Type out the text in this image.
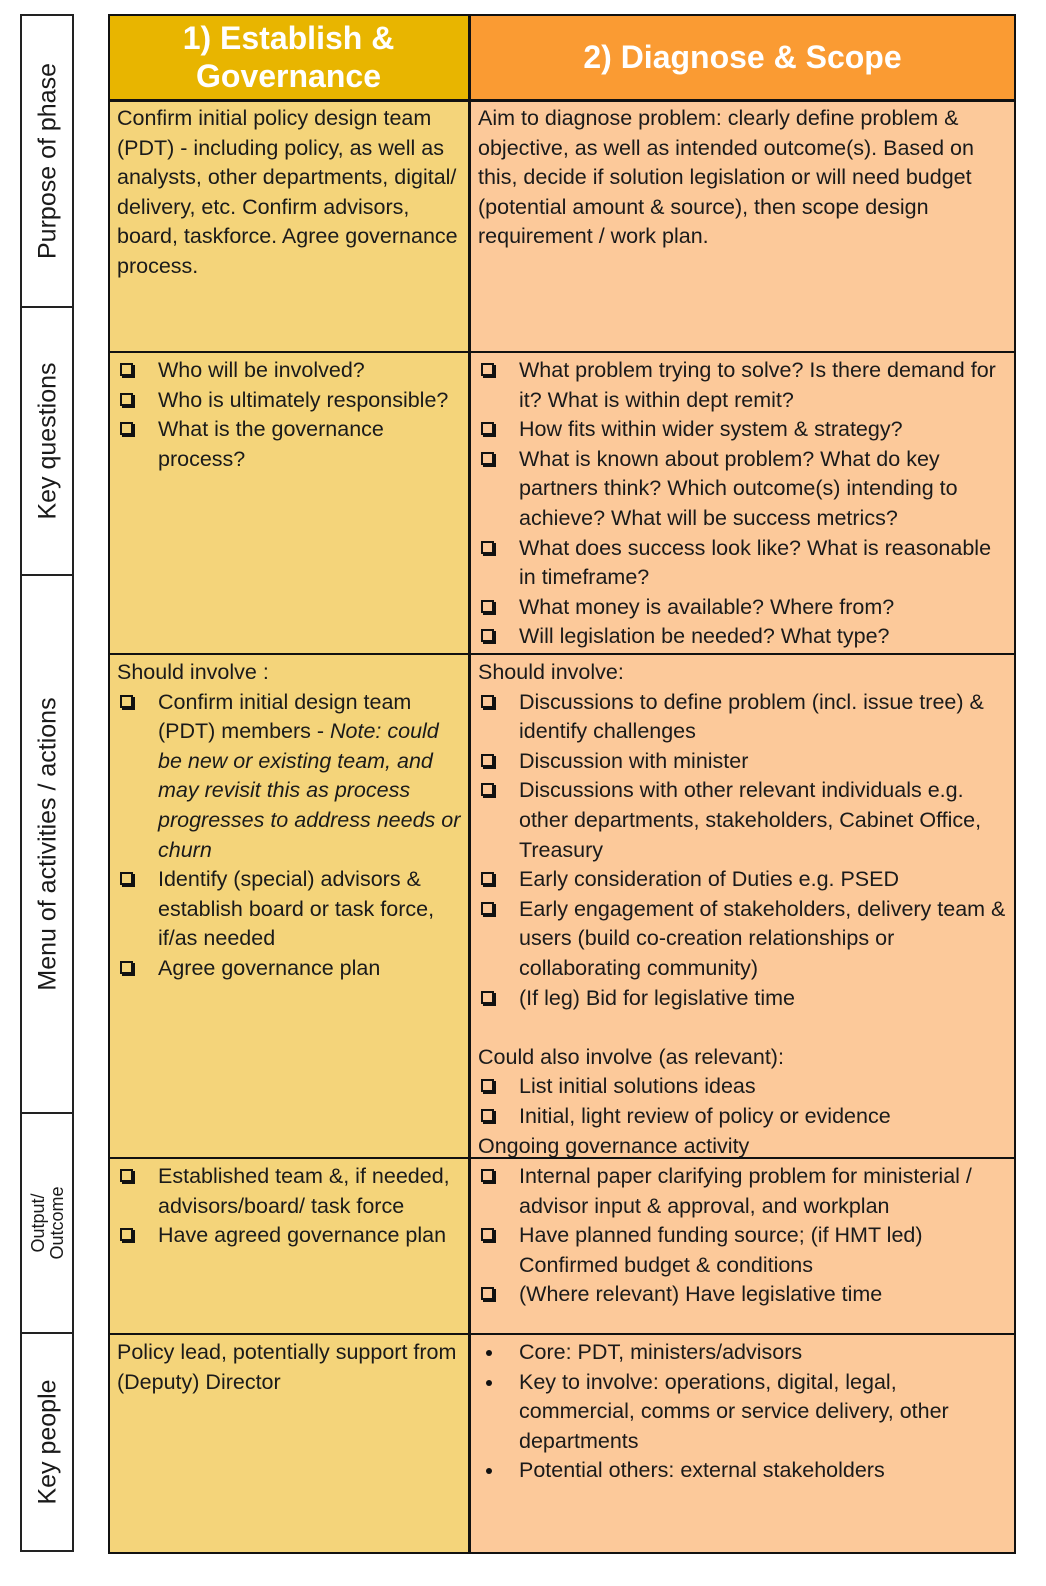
Purpose of phase
Key questions
Menu of activities / actions
Output/ Outcome
Key people
1) Establish &
Governance
2) Diagnose & Scope
Confirm initial policy design team (PDT) - including policy, as well as analysts, other departments, digital/ delivery, etc. Confirm advisors, board, taskforce. Agree governance process.
Aim to diagnose problem: clearly define problem & objective, as well as intended outcome(s). Based on this, decide if solution legislation or will need budget (potential amount & source), then scope design requirement / work plan.
Who will be involved?
Who is ultimately responsible?
What is the governance process?
What problem trying to solve? Is there demand for it? What is within dept remit?
How fits within wider system & strategy?
What is known about problem? What do key partners think? Which outcome(s) intending to achieve? What will be success metrics?
What does success look like? What is reasonable in timeframe?
What money is available? Where from?
Will legislation be needed? What type?
Should involve :
Confirm initial design team (PDT) members - Note: could be new or existing team, and may revisit this as process progresses to address needs or churn
Identify (special) advisors & establish board or task force, if/as needed
Agree governance plan
Should involve:
Discussions to define problem (incl. issue tree) & identify challenges
Discussion with minister
Discussions with other relevant individuals e.g. other departments, stakeholders, Cabinet Office, Treasury
Early consideration of Duties e.g. PSED
Early engagement of stakeholders, delivery team & users (build co-creation relationships or collaborating community)
(If leg) Bid for legislative time
Could also involve (as relevant):
List initial solutions ideas
Initial, light review of policy or evidence
Ongoing governance activity
Established team &, if needed, advisors/board/ task force
Have agreed governance plan
Internal paper clarifying problem for ministerial / advisor input & approval, and workplan
Have planned funding source; (if HMT led) Confirmed budget & conditions
(Where relevant) Have legislative time
Policy lead, potentially support from (Deputy) Director
Core: PDT, ministers/advisors
Key to involve: operations, digital, legal, commercial, comms or service delivery, other departments
Potential others: external stakeholders
